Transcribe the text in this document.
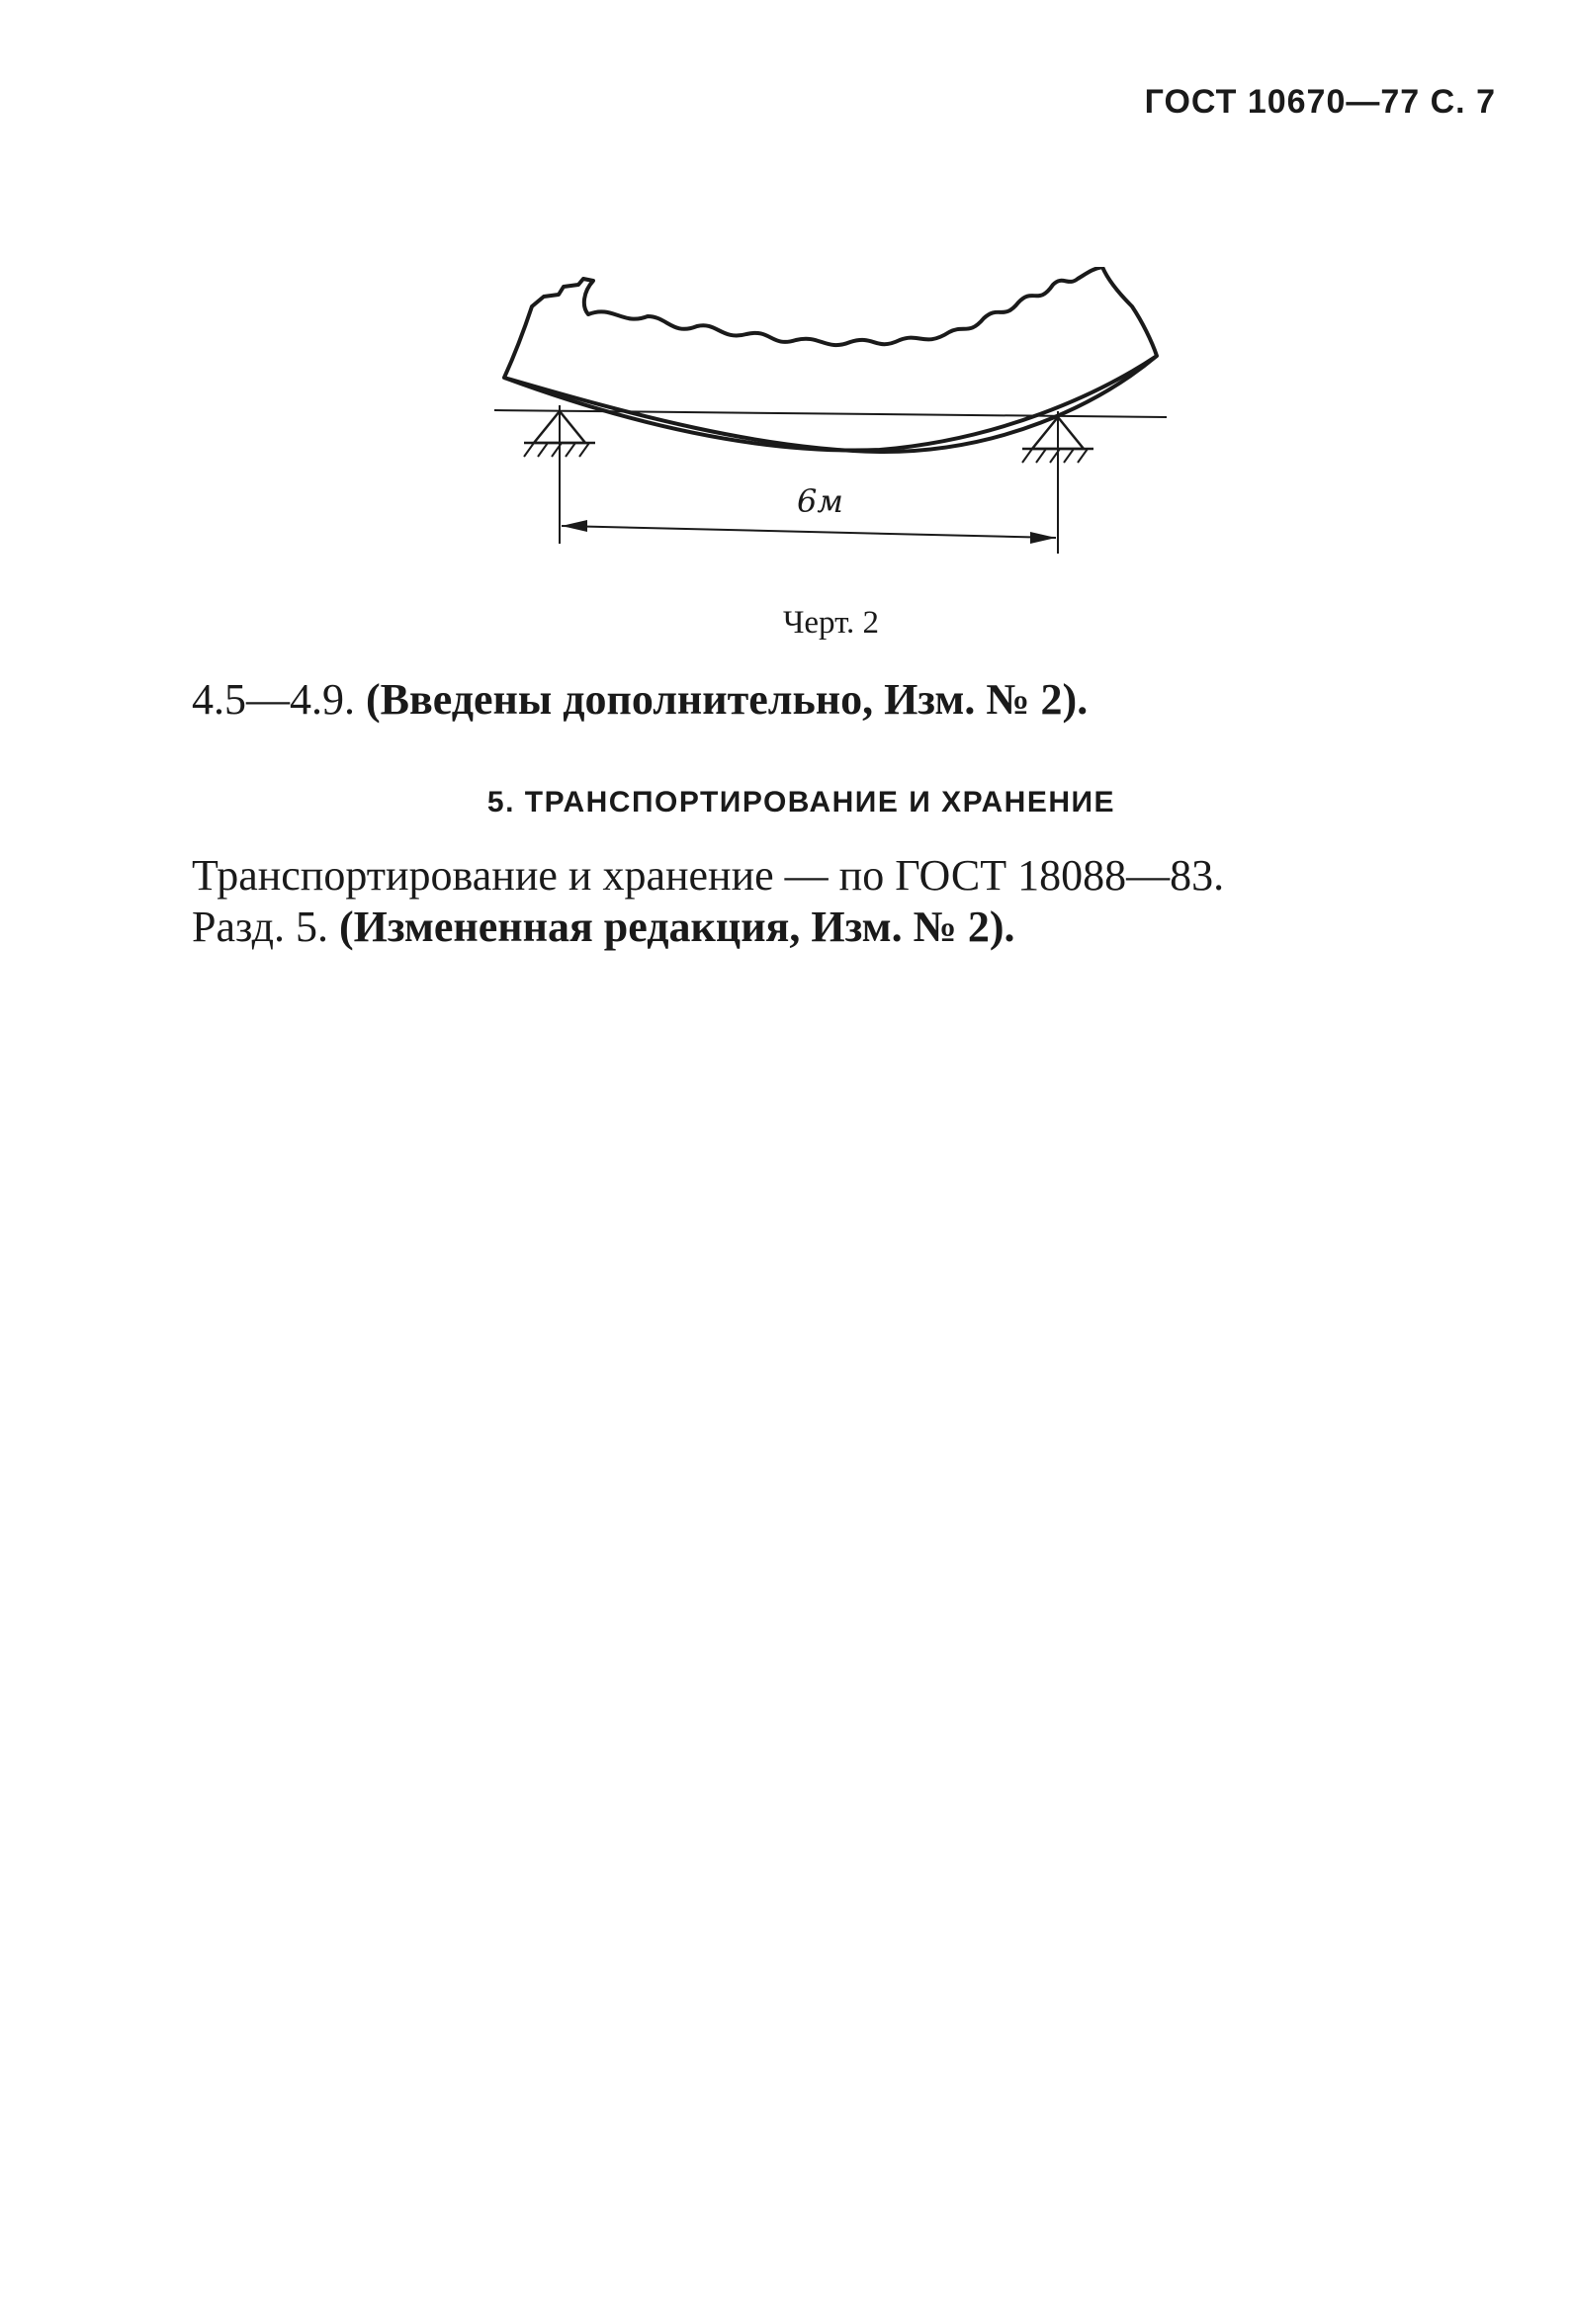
ГОСТ 10670—77 С. 7
6м
Черт. 2
4.5—4.9. (Введены дополнительно, Изм. № 2).
5. ТРАНСПОРТИРОВАНИЕ И ХРАНЕНИЕ
Транспортирование и хранение — по ГОСТ 18088—83.
Разд. 5. (Измененная редакция, Изм. № 2).
